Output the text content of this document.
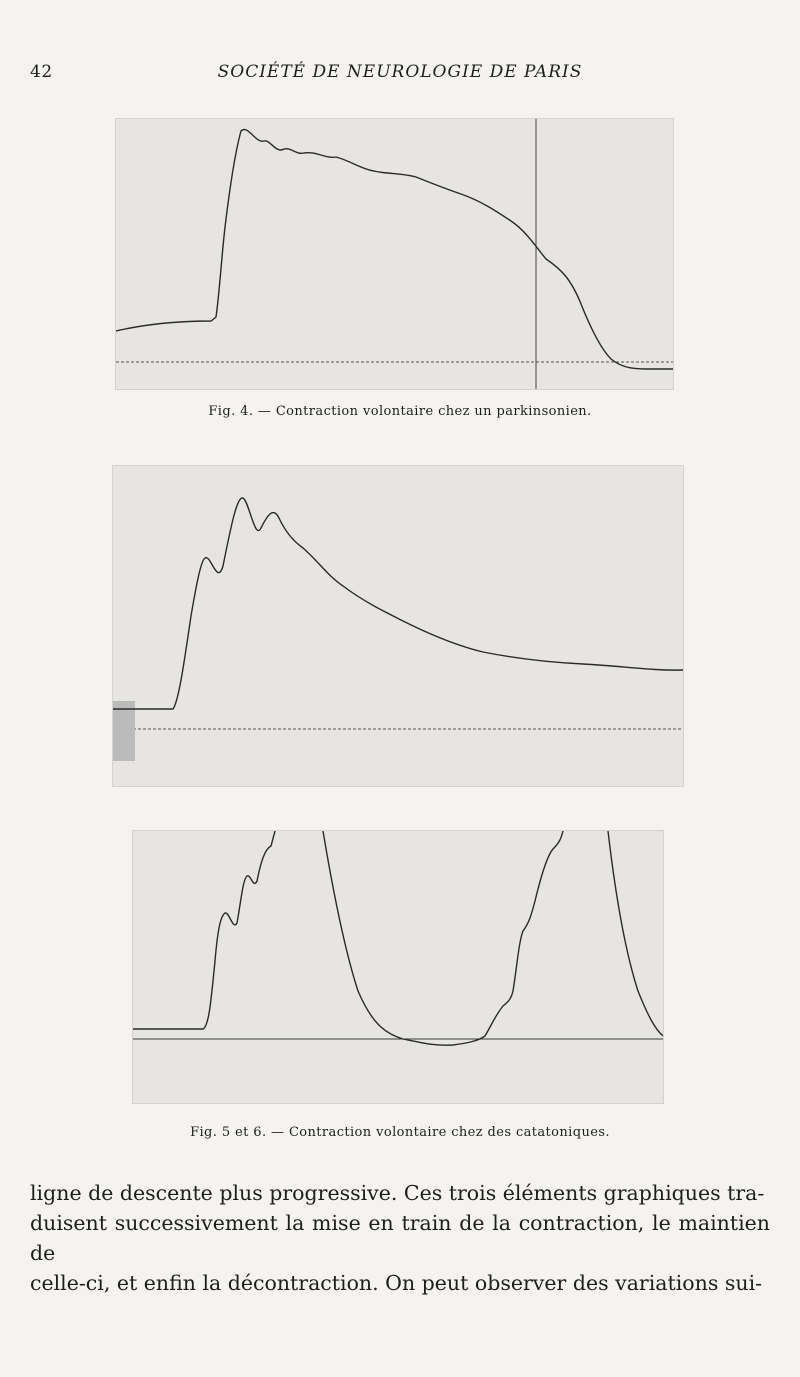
42	SOCIÉTÉ DE NEUROLOGIE DE PARIS
Fig. 4. — Contraction volontaire chez un parkinsonien.
Fig. 5 et 6. — Contraction volontaire chez des catatoniques.
ligne de descente plus progressive. Ces trois éléments graphiques tra-
duisent successivement la mise en train de la contraction, le maintien de
celle-ci, et enfin la décontraction. On peut observer des variations sui-
